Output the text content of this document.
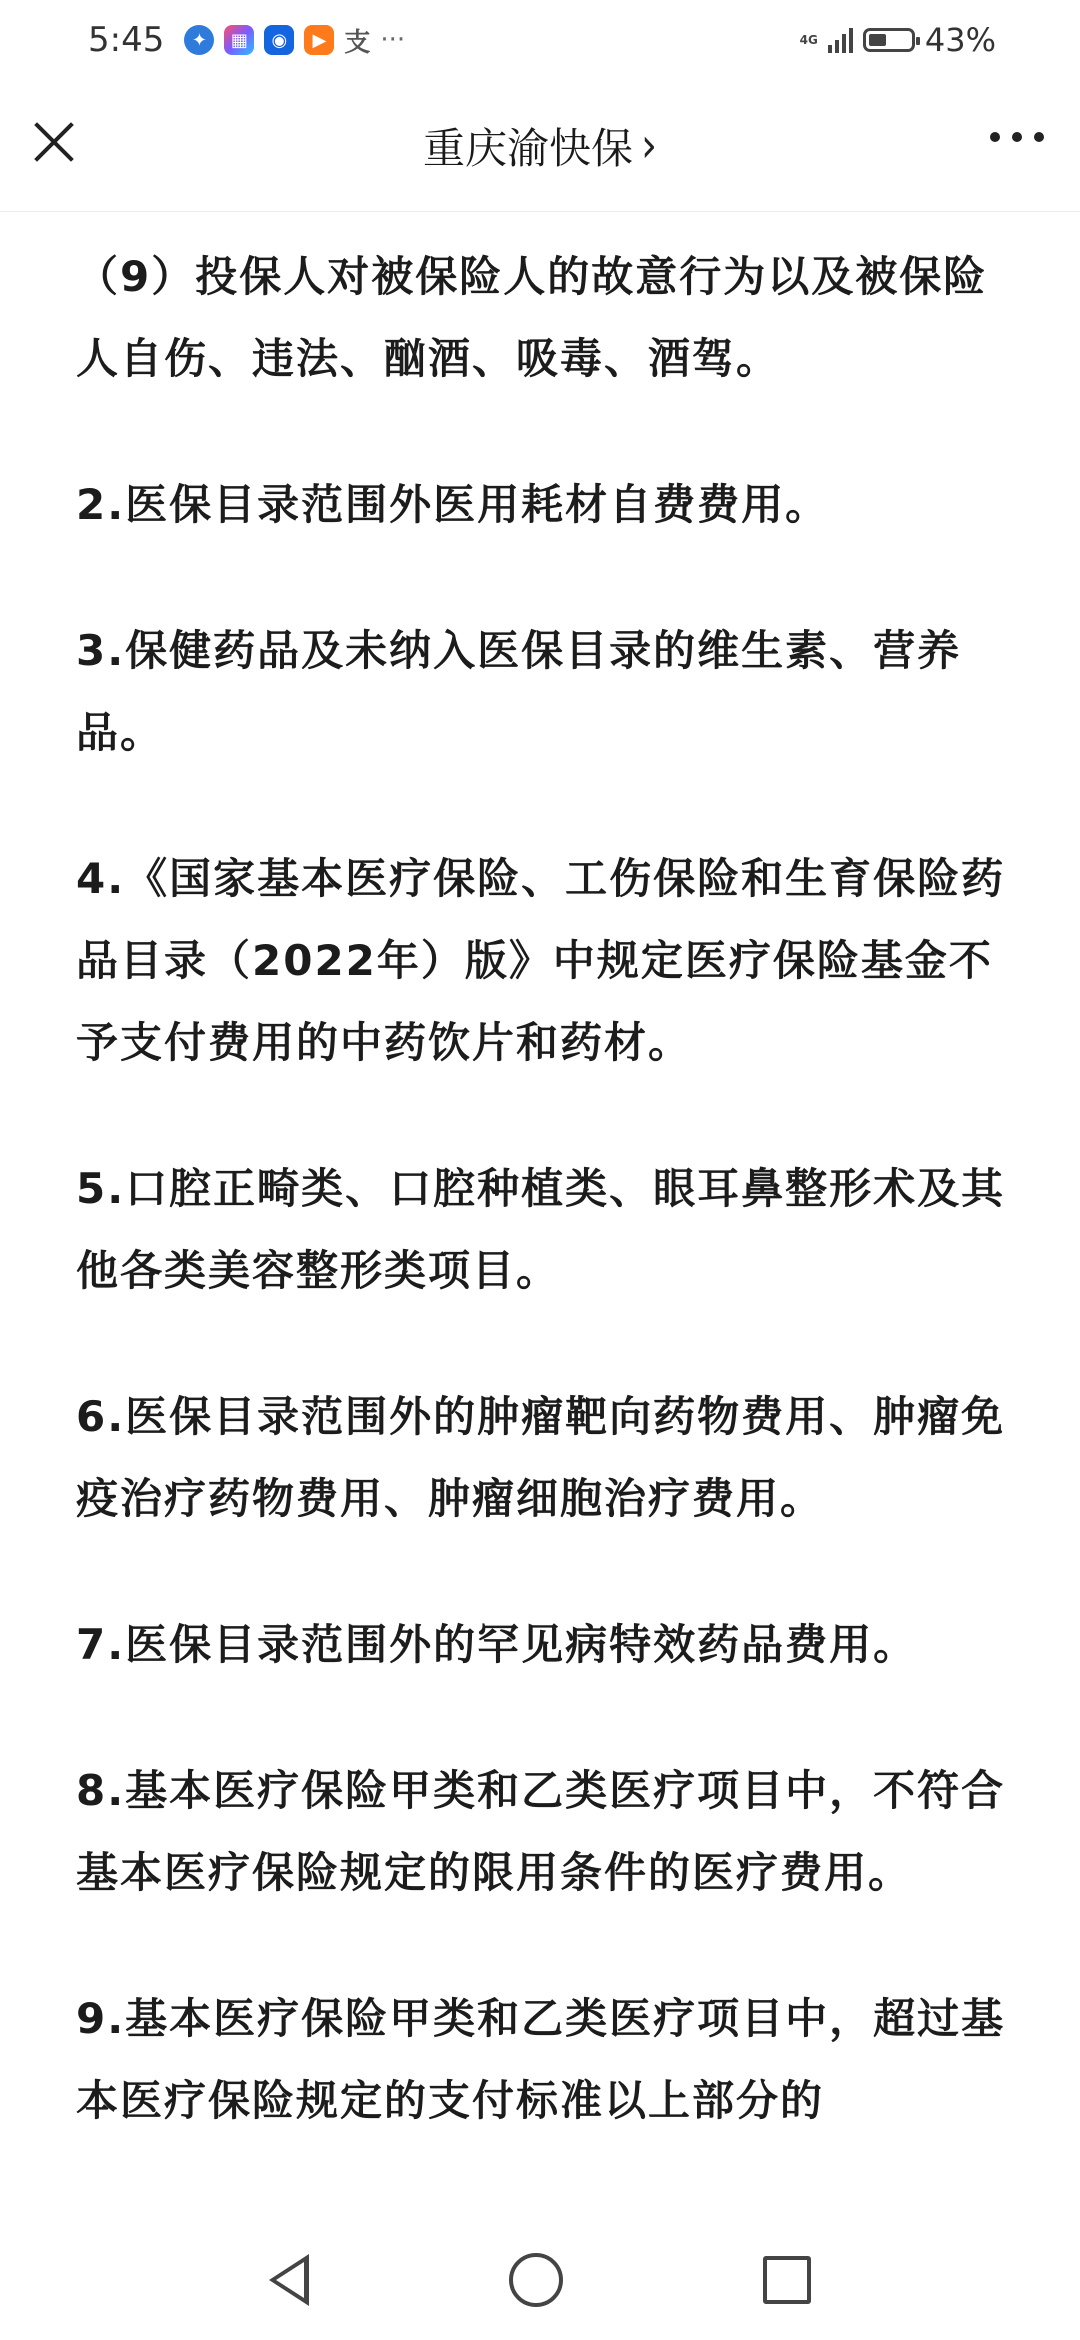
5:45	✦	▦	◉	▶ 支 ···	4G	43%
重庆渝快保 ›

（9）投保人对被保险人的故意行为以及被保险人自伤、违法、酗酒、吸毒、酒驾。

2.医保目录范围外医用耗材自费费用。

3.保健药品及未纳入医保目录的维生素、营养品。

4.《国家基本医疗保险、工伤保险和生育保险药品目录（2022年）版》中规定医疗保险基金不予支付费用的中药饮片和药材。

5.口腔正畸类、口腔种植类、眼耳鼻整形术及其他各类美容整形类项目。

6.医保目录范围外的肿瘤靶向药物费用、肿瘤免疫治疗药物费用、肿瘤细胞治疗费用。

7.医保目录范围外的罕见病特效药品费用。

8.基本医疗保险甲类和乙类医疗项目中，不符合基本医疗保险规定的限用条件的医疗费用。

9.基本医疗保险甲类和乙类医疗项目中，超过基本医疗保险规定的支付标准以上部分的
